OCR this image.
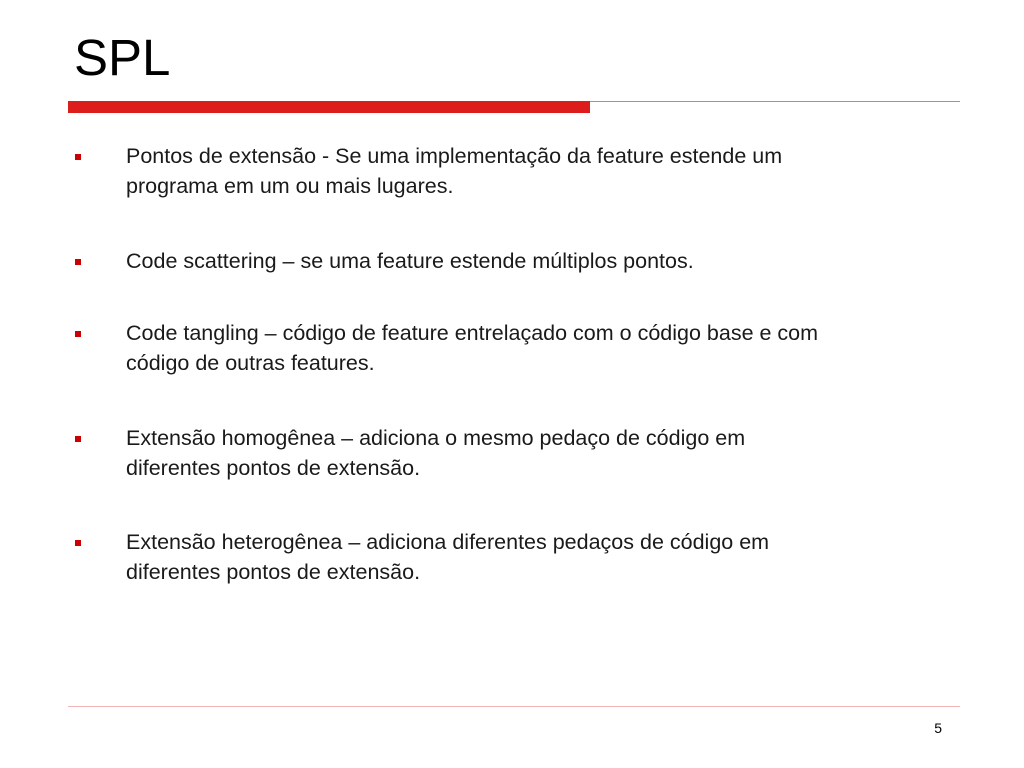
SPL
Pontos de extensão - Se uma implementação da feature estende um
programa em um ou mais lugares.
Code scattering – se uma feature estende múltiplos pontos.
Code tangling – código de feature entrelaçado com o código base e com
código de outras features.
Extensão homogênea – adiciona o mesmo pedaço de código em
diferentes pontos de extensão.
Extensão heterogênea – adiciona diferentes pedaços de código em
diferentes pontos de extensão.
5
